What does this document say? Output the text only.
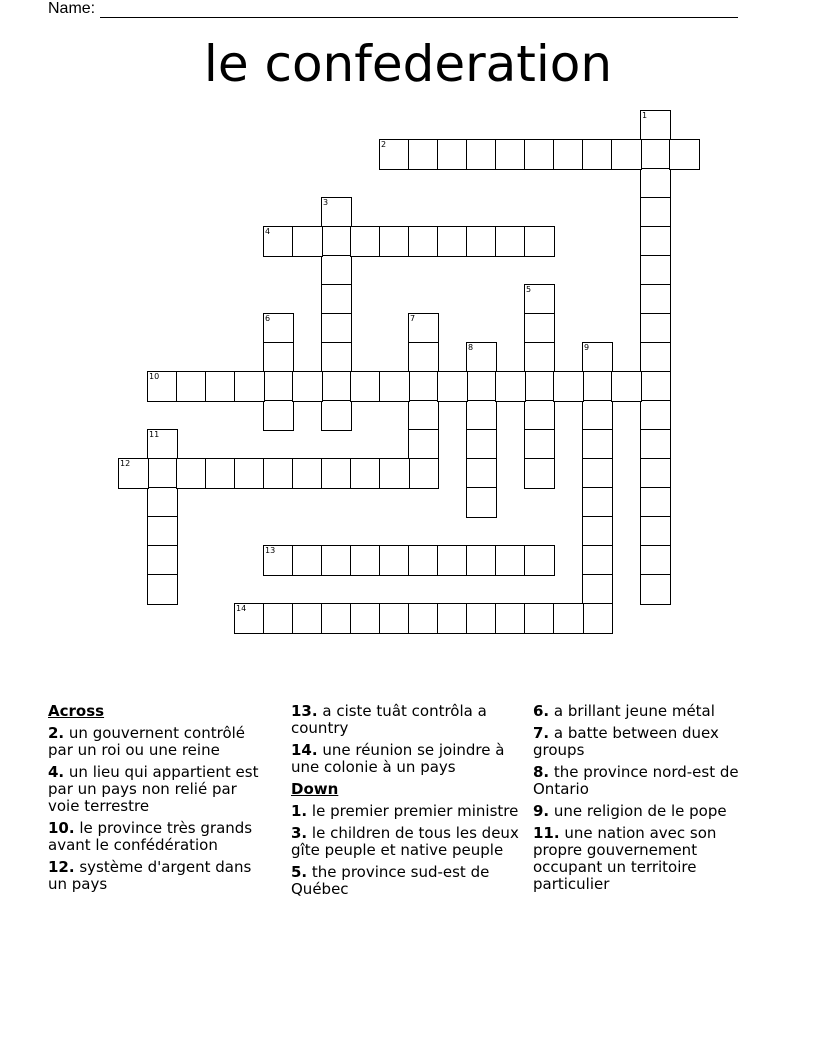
Name:
le confederation
1
2
3
4
5
6	7
8	9
10
11
12
13
14
Across
2. un gouvernent contrôlé par un roi ou une reine
4. un lieu qui appartient est par un pays non relié par voie terrestre
10. le province très grands avant le confédération
12. système d'argent dans un pays
13. a ciste tuât contrôla a country
14. une réunion se joindre à une colonie à un pays
Down
1. le premier premier ministre
3. le children de tous les deux gîte peuple et native peuple
5. the province sud-est de Québec
6. a brillant jeune métal
7. a batte between duex groups
8. the province nord-est de Ontario
9. une religion de le pope
11. une nation avec son propre gouvernement occupant un territoire particulier
